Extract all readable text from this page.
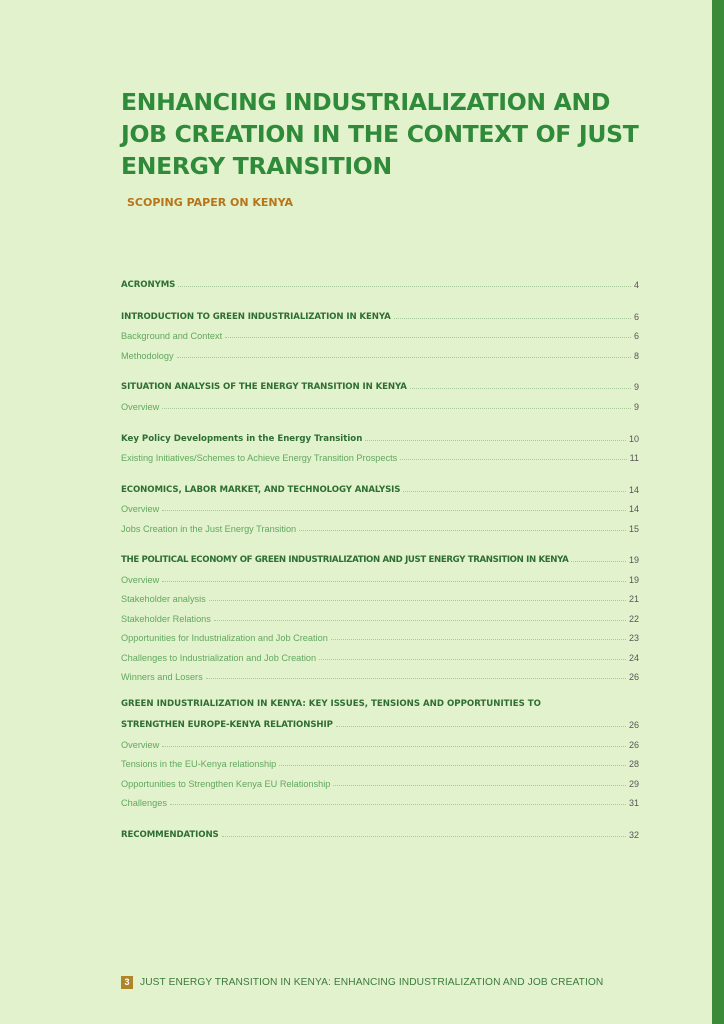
ENHANCING INDUSTRIALIZATION AND
JOB CREATION IN THE CONTEXT OF JUST
ENERGY TRANSITION
SCOPING PAPER ON KENYA
ACRONYMS	4
INTRODUCTION TO GREEN INDUSTRIALIZATION IN KENYA	6
Background and Context	6
Methodology	8
SITUATION ANALYSIS OF THE ENERGY TRANSITION IN KENYA	9
Overview	9
Key Policy Developments in the Energy Transition	10
Existing Initiatives/Schemes to Achieve Energy Transition Prospects	11
ECONOMICS, LABOR MARKET, AND TECHNOLOGY ANALYSIS	14
Overview	14
Jobs Creation in the Just Energy Transition	15
THE POLITICAL ECONOMY OF GREEN INDUSTRIALIZATION AND JUST ENERGY TRANSITION IN KENYA	19
Overview	19
Stakeholder analysis	21
Stakeholder Relations	22
Opportunities for Industrialization and Job Creation	23
Challenges to Industrialization and Job Creation	24
Winners and Losers	26
GREEN INDUSTRIALIZATION IN KENYA: KEY ISSUES, TENSIONS AND OPPORTUNITIES TO
STRENGTHEN EUROPE-KENYA RELATIONSHIP	26
Overview	26
Tensions in the EU-Kenya relationship	28
Opportunities to Strengthen Kenya EU Relationship	29
Challenges	31
RECOMMENDATIONS	32
3	JUST ENERGY TRANSITION IN KENYA: ENHANCING INDUSTRIALIZATION AND JOB CREATION
